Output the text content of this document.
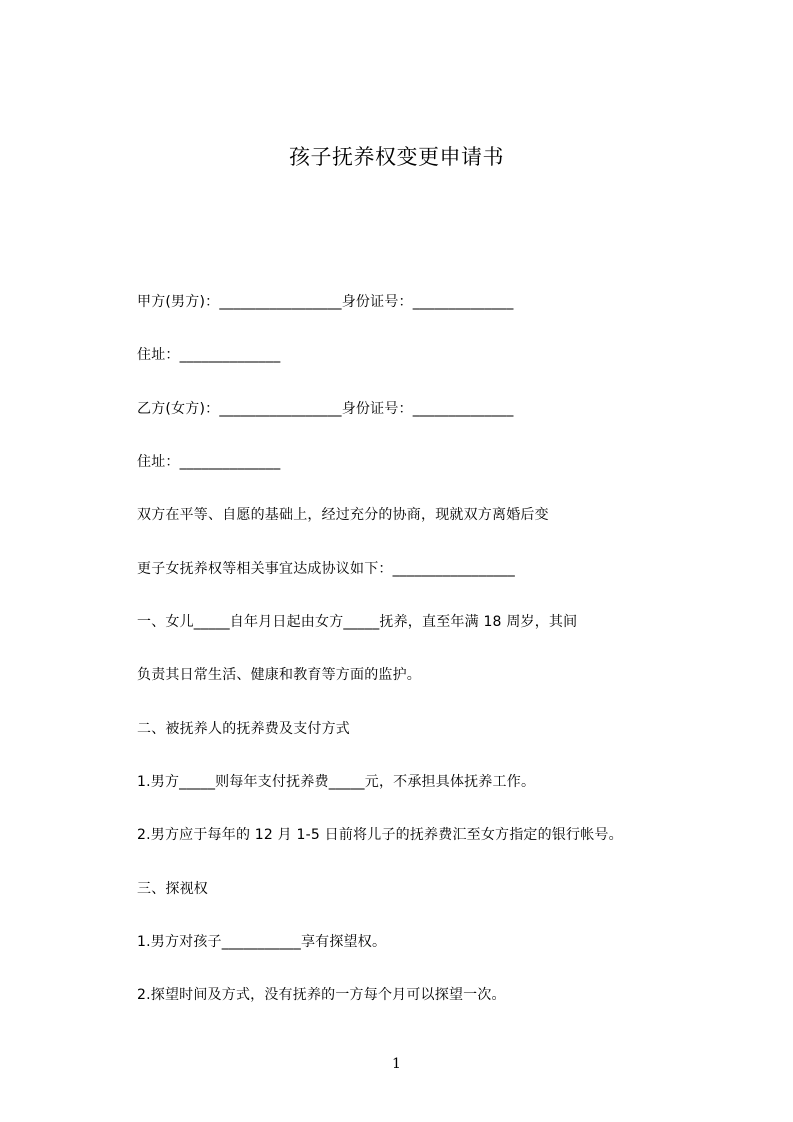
孩子抚养权变更申请书
甲方(男方)：_________________身份证号：______________
住址：______________
乙方(女方)：_________________身份证号：______________
住址：______________
双方在平等、自愿的基础上，经过充分的协商，现就双方离婚后变
更子女抚养权等相关事宜达成协议如下：_________________
一、女儿_____自年月日起由女方_____抚养，直至年满 18 周岁，其间
负责其日常生活、健康和教育等方面的监护。
二、被抚养人的抚养费及支付方式
1.男方_____则每年支付抚养费_____元，不承担具体抚养工作。
2.男方应于每年的 12 月 1-5 日前将儿子的抚养费汇至女方指定的银行帐号。
三、探视权
1.男方对孩子___________享有探望权。
2.探望时间及方式，没有抚养的一方每个月可以探望一次。
1
